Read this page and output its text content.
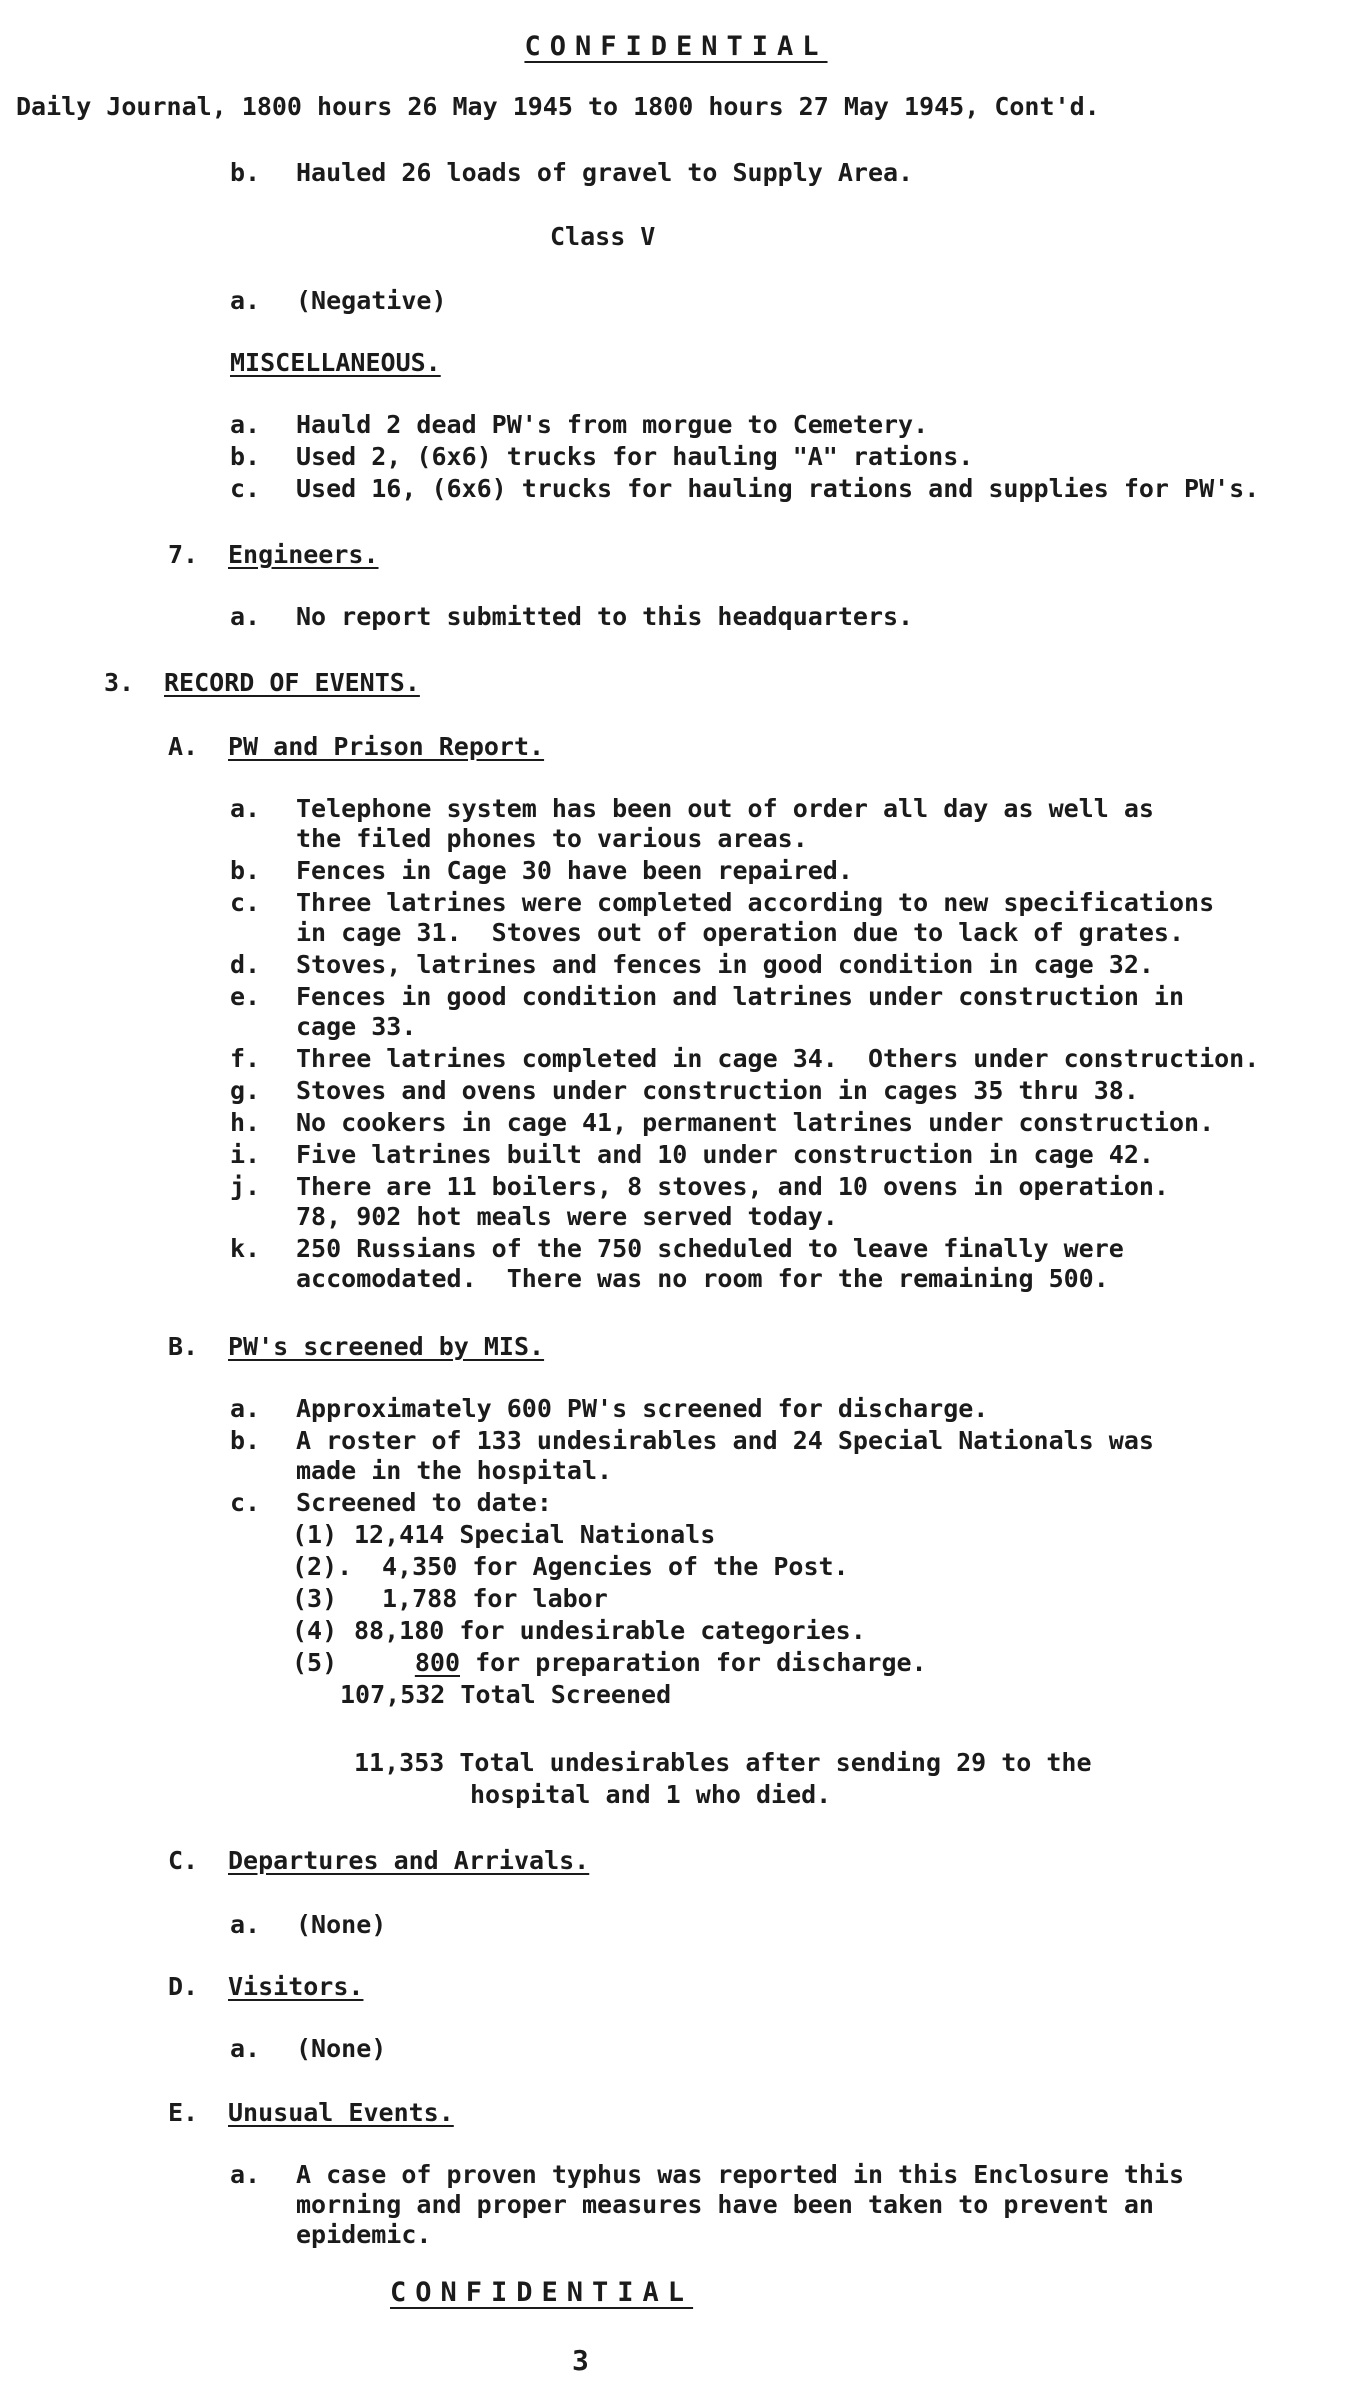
CONFIDENTIAL
Daily Journal, 1800 hours 26 May 1945 to 1800 hours 27 May 1945, Cont'd.
b. Hauled 26 loads of gravel to Supply Area.
Class V
a. (Negative)
MISCELLANEOUS.
a. Hauld 2 dead PW's from morgue to Cemetery.
b. Used 2, (6x6) trucks for hauling "A" rations.
c. Used 16, (6x6) trucks for hauling rations and supplies for PW's.
7. Engineers.
a. No report submitted to this headquarters.
3. RECORD OF EVENTS.
A. PW and Prison Report.
a. Telephone system has been out of order all day as well as
the filed phones to various areas.
b. Fences in Cage 30 have been repaired.
c. Three latrines were completed according to new specifications
in cage 31.  Stoves out of operation due to lack of grates.
d. Stoves, latrines and fences in good condition in cage 32.
e. Fences in good condition and latrines under construction in
cage 33.
f. Three latrines completed in cage 34.  Others under construction.
g. Stoves and ovens under construction in cages 35 thru 38.
h. No cookers in cage 41, permanent latrines under construction.
i. Five latrines built and 10 under construction in cage 42.
j. There are 11 boilers, 8 stoves, and 10 ovens in operation.
78, 902 hot meals were served today.
k. 250 Russians of the 750 scheduled to leave finally were
accomodated.  There was no room for the remaining 500.
B. PW's screened by MIS.
a. Approximately 600 PW's screened for discharge.
b. A roster of 133 undesirables and 24 Special Nationals was
made in the hospital.
c. Screened to date:
(1) 12,414 Special Nationals
(2). 4,350 for Agencies of the Post.
(3) 1,788 for labor
(4) 88,180 for undesirable categories.
(5)	800 for preparation for discharge.
107,532 Total Screened
11,353 Total undesirables after sending 29 to the
hospital and 1 who died.
C. Departures and Arrivals.
a. (None)
D. Visitors.
a. (None)
E. Unusual Events.
a. A case of proven typhus was reported in this Enclosure this
morning and proper measures have been taken to prevent an
epidemic.
CONFIDENTIAL
3
